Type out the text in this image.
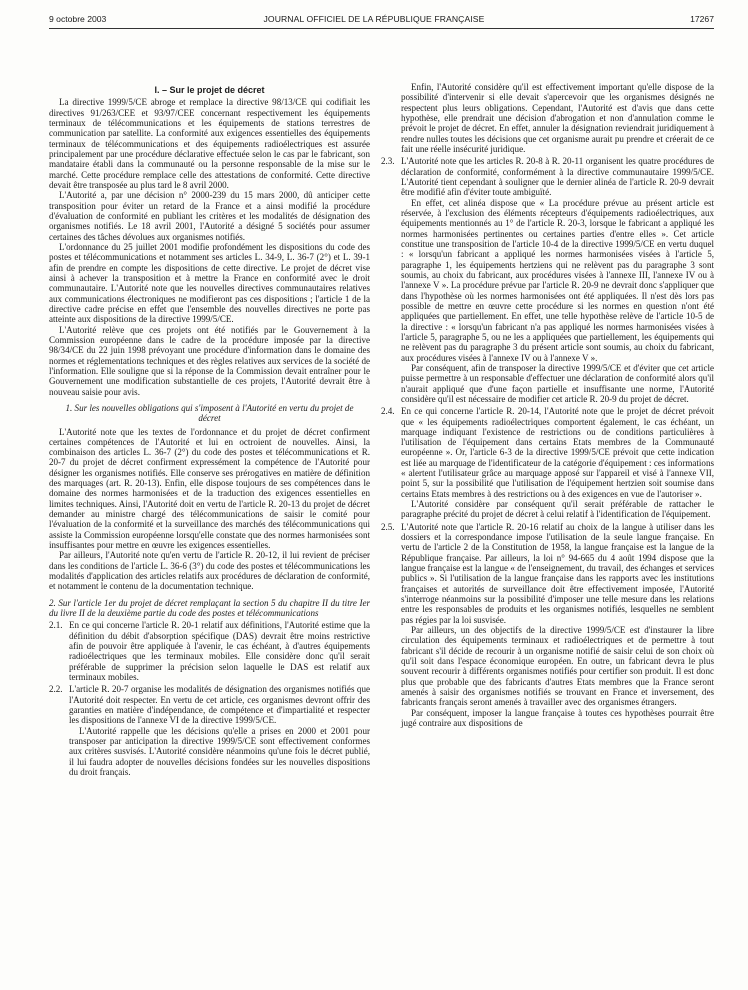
9 octobre 2003	JOURNAL OFFICIEL DE LA RÉPUBLIQUE FRANÇAISE	17267

I. – Sur le projet de décret

La directive 1999/5/CE abroge et remplace la directive 98/13/CE qui codifiait les directives 91/263/CEE et 93/97/CEE concernant respectivement les équipements terminaux de télécommunications et les équipements de stations terrestres de communication par satellite. La conformité aux exigences essentielles des équipements terminaux de télécommunications et des équipements radioélectriques est assurée principalement par une procédure déclarative effectuée selon le cas par le fabricant, son mandataire établi dans la communauté ou la personne responsable de la mise sur le marché. Cette procédure remplace celle des attestations de conformité. Cette directive devait être transposée au plus tard le 8 avril 2000.

L'Autorité a, par une décision n° 2000-239 du 15 mars 2000, dû anticiper cette transposition pour éviter un retard de la France et a ainsi modifié la procédure d'évaluation de conformité en publiant les critères et les modalités de désignation des organismes notifiés. Le 18 avril 2001, l'Autorité a désigné 5 sociétés pour assumer certaines des tâches dévolues aux organismes notifiés.

L'ordonnance du 25 juillet 2001 modifie profondément les dispositions du code des postes et télécommunications et notamment ses articles L. 34-9, L. 36-7 (2°) et L. 39-1 afin de prendre en compte les dispositions de cette directive. Le projet de décret vise ainsi à achever la transposition et à mettre la France en conformité avec le droit communautaire. L'Autorité note que les nouvelles directives communautaires relatives aux communications électroniques ne modifieront pas ces dispositions ; l'article 1 de la directive cadre précise en effet que l'ensemble des nouvelles directives ne porte pas atteinte aux dispositions de la directive 1999/5/CE.

L'Autorité relève que ces projets ont été notifiés par le Gouvernement à la Commission européenne dans le cadre de la procédure imposée par la directive 98/34/CE du 22 juin 1998 prévoyant une procédure d'information dans le domaine des normes et réglementations techniques et des règles relatives aux services de la société de l'information. Elle souligne que si la réponse de la Commission devait entraîner pour le Gouvernement une modification substantielle de ces projets, l'Autorité devrait être à nouveau saisie pour avis.

1. Sur les nouvelles obligations qui s'imposent à l'Autorité en vertu du projet de décret

L'Autorité note que les textes de l'ordonnance et du projet de décret confirment certaines compétences de l'Autorité et lui en octroient de nouvelles. Ainsi, la combinaison des articles L. 36-7 (2°) du code des postes et télécommunications et R. 20-7 du projet de décret confirment expressément la compétence de l'Autorité pour désigner les organismes notifiés. Elle conserve ses prérogatives en matière de définition des marquages (art. R. 20-13). Enfin, elle dispose toujours de ses compétences dans le domaine des normes harmonisées et de la traduction des exigences essentielles en limites techniques. Ainsi, l'Autorité doit en vertu de l'article R. 20-13 du projet de décret demander au ministre chargé des télécommunications de saisir le comité pour l'évaluation de la conformité et la surveillance des marchés des télécommunications qui assiste la Commission européenne lorsqu'elle constate que des normes harmonisées sont insuffisantes pour mettre en œuvre les exigences essentielles.

Par ailleurs, l'Autorité note qu'en vertu de l'article R. 20-12, il lui revient de préciser dans les conditions de l'article L. 36-6 (3°) du code des postes et télécommunications les modalités d'application des articles relatifs aux procédures de déclaration de conformité, et notamment le contenu de la documentation technique.

2. Sur l'article 1er du projet de décret remplaçant la section 5 du chapitre II du titre Ier du livre II de la deuxième partie du code des postes et télécommunications

2.1. En ce qui concerne l'article R. 20-1 relatif aux définitions, l'Autorité estime que la définition du débit d'absorption spécifique (DAS) devrait être moins restrictive afin de pouvoir être appliquée à l'avenir, le cas échéant, à d'autres équipements radioélectriques que les terminaux mobiles. Elle considère donc qu'il serait préférable de supprimer la précision selon laquelle le DAS est relatif aux terminaux mobiles.

2.2. L'article R. 20-7 organise les modalités de désignation des organismes notifiés que l'Autorité doit respecter. En vertu de cet article, ces organismes devront offrir des garanties en matière d'indépendance, de compétence et d'impartialité et respecter les dispositions de l'annexe VI de la directive 1999/5/CE.

L'Autorité rappelle que les décisions qu'elle a prises en 2000 et 2001 pour transposer par anticipation la directive 1999/5/CE sont effectivement conformes aux critères susvisés. L'Autorité considère néanmoins qu'une fois le décret publié, il lui faudra adopter de nouvelles décisions fondées sur les nouvelles dispositions du droit français.

Enfin, l'Autorité considère qu'il est effectivement important qu'elle dispose de la possibilité d'intervenir si elle devait s'apercevoir que les organismes désignés ne respectent plus leurs obligations. Cependant, l'Autorité est d'avis que dans cette hypothèse, elle prendrait une décision d'abrogation et non d'annulation comme le prévoit le projet de décret. En effet, annuler la désignation reviendrait juridiquement à rendre nulles toutes les décisions que cet organisme aurait pu prendre et créerait de ce fait une réelle insécurité juridique.

2.3. L'Autorité note que les articles R. 20-8 à R. 20-11 organisent les quatre procédures de déclaration de conformité, conformément à la directive communautaire 1999/5/CE. L'Autorité tient cependant à souligner que le dernier alinéa de l'article R. 20-9 devrait être modifié afin d'éviter toute ambiguïté.

En effet, cet alinéa dispose que « La procédure prévue au présent article est réservée, à l'exclusion des éléments récepteurs d'équipements radioélectriques, aux équipements mentionnés au 1° de l'article R. 20-3, lorsque le fabricant a appliqué les normes harmonisées pertinentes ou certaines parties d'entre elles ». Cet article constitue une transposition de l'article 10-4 de la directive 1999/5/CE en vertu duquel : « lorsqu'un fabricant a appliqué les normes harmonisées visées à l'article 5, paragraphe 1, les équipements hertziens qui ne relèvent pas du paragraphe 3 sont soumis, au choix du fabricant, aux procédures visées à l'annexe III, l'annexe IV ou à l'annexe V ». La procédure prévue par l'article R. 20-9 ne devrait donc s'appliquer que dans l'hypothèse où les normes harmonisées ont été appliquées. Il n'est dès lors pas possible de mettre en œuvre cette procédure si les normes en question n'ont été appliquées que partiellement. En effet, une telle hypothèse relève de l'article 10-5 de la directive : « lorsqu'un fabricant n'a pas appliqué les normes harmonisées visées à l'article 5, paragraphe 5, ou ne les a appliquées que partiellement, les équipements qui ne relèvent pas du paragraphe 3 du présent article sont soumis, au choix du fabricant, aux procédures visées à l'annexe IV ou à l'annexe V ».

Par conséquent, afin de transposer la directive 1999/5/CE et d'éviter que cet article puisse permettre à un responsable d'effectuer une déclaration de conformité alors qu'il n'aurait appliqué que d'une façon partielle et insuffisante une norme, l'Autorité considère qu'il est nécessaire de modifier cet article R. 20-9 du projet de décret.

2.4. En ce qui concerne l'article R. 20-14, l'Autorité note que le projet de décret prévoit que « les équipements radioélectriques comportent également, le cas échéant, un marquage indiquant l'existence de restrictions ou de conditions particulières à l'utilisation de l'équipement dans certains Etats membres de la Communauté européenne ». Or, l'article 6-3 de la directive 1999/5/CE prévoit que cette indication est liée au marquage de l'identificateur de la catégorie d'équipement : ces informations « alertent l'utilisateur grâce au marquage apposé sur l'appareil et visé à l'annexe VII, point 5, sur la possibilité que l'utilisation de l'équipement hertzien soit soumise dans certains Etats membres à des restrictions ou à des exigences en vue de l'autoriser ».

L'Autorité considère par conséquent qu'il serait préférable de rattacher le paragraphe précité du projet de décret à celui relatif à l'identification de l'équipement.

2.5. L'Autorité note que l'article R. 20-16 relatif au choix de la langue à utiliser dans les dossiers et la correspondance impose l'utilisation de la seule langue française. En vertu de l'article 2 de la Constitution de 1958, la langue française est la langue de la République française. Par ailleurs, la loi n° 94-665 du 4 août 1994 dispose que la langue française est la langue « de l'enseignement, du travail, des échanges et services publics ». Si l'utilisation de la langue française dans les rapports avec les institutions françaises et autorités de surveillance doit être effectivement imposée, l'Autorité s'interroge néanmoins sur la possibilité d'imposer une telle mesure dans les relations entre les responsables de produits et les organismes notifiés, lesquelles ne semblent pas régies par la loi susvisée.

Par ailleurs, un des objectifs de la directive 1999/5/CE est d'instaurer la libre circulation des équipements terminaux et radioélectriques et de permettre à tout fabricant s'il décide de recourir à un organisme notifié de saisir celui de son choix où qu'il soit dans l'espace économique européen. En outre, un fabricant devra le plus souvent recourir à différents organismes notifiés pour certifier son produit. Il est donc plus que probable que des fabricants d'autres Etats membres que la France seront amenés à saisir des organismes notifiés se trouvant en France et inversement, des fabricants français seront amenés à travailler avec des organismes étrangers.

Par conséquent, imposer la langue française à toutes ces hypothèses pourrait être jugé contraire aux dispositions de
